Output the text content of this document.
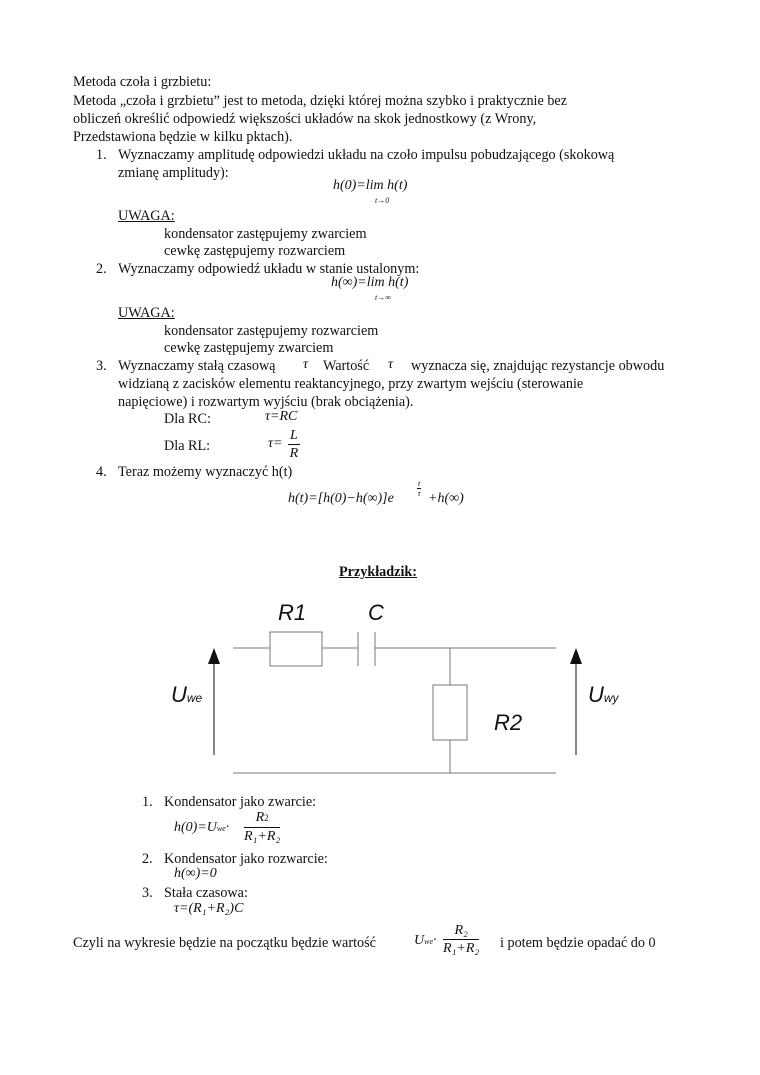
Metoda czoła i grzbietu:
Metoda „czoła i grzbietu” jest to metoda, dzięki której można szybko i praktycznie bez
obliczeń określić odpowiedź większości układów na skok jednostkowy (z Wrony,
Przedstawiona będzie w kilku pktach).
1. Wyznaczamy amplitudę odpowiedzi układu na czoło impulsu pobudzającego (skokową
zmianę amplitudy):
h(0)=lim h(t)
t→0
UWAGA:
kondensator zastępujemy zwarciem
cewkę zastępujemy rozwarciem
2. Wyznaczamy odpowiedź układu w stanie ustalonym:
h(∞)=lim h(t)
t→∞
UWAGA:
kondensator zastępujemy rozwarciem
cewkę zastępujemy zwarciem
3. Wyznaczamy stałą czasową τ Wartość τ wyznacza się, znajdując rezystancje obwodu
widzianą z zacisków elementu reaktancyjnego, przy zwartym wejściu (sterowanie
napięciowe) i rozwartym wyjściu (brak obciążenia).
Dla RC:	τ=RC
Dla RL:	$\tau= \frac{L}{R}$
4. Teraz możemy wyznaczyć h(t)
h(t)=[h(0)−h(∞)]e
$\frac{t}{\tau}$
+h(∞)
Przykładzik:
R1	C
R2
Uwe	Uwy
1. Kondensator jako zwarcie:
$h(0)=Uwe\cdot \frac{R2}{\text{R₁+R₂}}$
2. Kondensator jako rozwarcie:
h(∞)=0
3. Stała czasowa:
τ=(R₁+R₂)C
Czyli na wykresie będzie na początku będzie wartość	$Uwe\cdot \frac{\text{R₂}}{\text{R₁+R₂}}$ i potem będzie opadać do 0
